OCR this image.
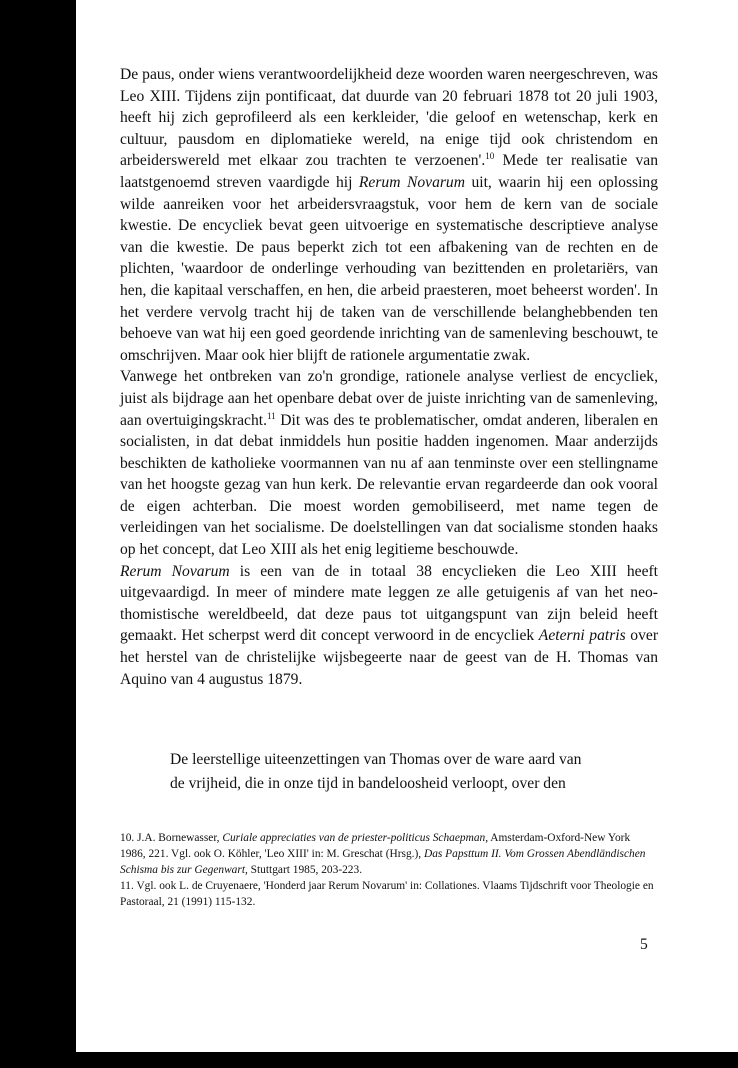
De paus, onder wiens verantwoordelijkheid deze woorden waren neergeschreven, was Leo XIII. Tijdens zijn pontificaat, dat duurde van 20 februari 1878 tot 20 juli 1903, heeft hij zich geprofileerd als een kerkleider, 'die geloof en wetenschap, kerk en cultuur, pausdom en diplomatieke wereld, na enige tijd ook christendom en arbeiderswereld met elkaar zou trachten te verzoenen'.$^{10}$ Mede ter realisatie van laatstgenoemd streven vaardigde hij Rerum Novarum uit, waarin hij een oplossing wilde aanreiken voor het arbeidersvraagstuk, voor hem de kern van de sociale kwestie. De encycliek bevat geen uitvoerige en systematische descriptieve analyse van die kwestie. De paus beperkt zich tot een afbakening van de rechten en de plichten, 'waardoor de onderlinge verhouding van bezittenden en proletariërs, van hen, die kapitaal verschaffen, en hen, die arbeid praesteren, moet beheerst worden'. In het verdere vervolg tracht hij de taken van de verschillende belanghebbenden ten behoeve van wat hij een goed geordende inrichting van de samenleving beschouwt, te omschrijven. Maar ook hier blijft de rationele argumentatie zwak.

Vanwege het ontbreken van zo'n grondige, rationele analyse verliest de encycliek, juist als bijdrage aan het openbare debat over de juiste inrichting van de samenleving, aan overtuigingskracht.$^{11}$ Dit was des te problematischer, omdat anderen, liberalen en socialisten, in dat debat inmiddels hun positie hadden ingenomen. Maar anderzijds beschikten de katholieke voormannen van nu af aan tenminste over een stellingname van het hoogste gezag van hun kerk. De relevantie ervan regardeerde dan ook vooral de eigen achterban. Die moest worden gemobiliseerd, met name tegen de verleidingen van het socialisme. De doelstellingen van dat socialisme stonden haaks op het concept, dat Leo XIII als het enig legitieme beschouwde.

Rerum Novarum is een van de in totaal 38 encyclieken die Leo XIII heeft uitgevaardigd. In meer of mindere mate leggen ze alle getuigenis af van het neo-thomistische wereldbeeld, dat deze paus tot uitgangspunt van zijn beleid heeft gemaakt. Het scherpst werd dit concept verwoord in de encycliek Aeterni patris over het herstel van de christelijke wijsbegeerte naar de geest van de H. Thomas van Aquino van 4 augustus 1879.

De leerstellige uiteenzettingen van Thomas over de ware aard van

de vrijheid, die in onze tijd in bandeloosheid verloopt, over den

10. J.A. Bornewasser, Curiale appreciaties van de priester-politicus Schaepman, Amsterdam-Oxford-New York 1986, 221. Vgl. ook O. Köhler, 'Leo XIII' in: M. Greschat (Hrsg.), Das Papsttum II. Vom Grossen Abendländischen Schisma bis zur Gegenwart, Stuttgart 1985, 203-223.

11. Vgl. ook L. de Cruyenaere, 'Honderd jaar Rerum Novarum' in: Collationes. Vlaams Tijdschrift voor Theologie en Pastoraal, 21 (1991) 115-132.

5
